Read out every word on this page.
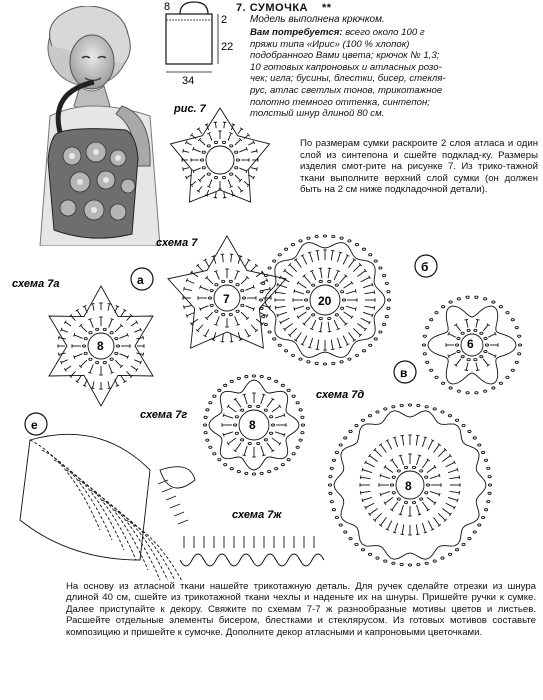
7. СУМОЧКА **
Модель выполнена крючком.
Вам потребуется: всего около 100 г
пряжи типа «Ирис» (100 % хлопок)
подобранного Вами цвета; крючок № 1,3;
10 готовых капроновых и атласных розо-
чек; игла; бусины, блестки, бисер, стекля-
рус, атлас светлых тонов, трикотажное
полотно темного оттенка, синтепон;
толстый шнур длиной 80 см.
По размерам сумки раскроите 2 слоя атласа и один слой из синтепона и сшейте подклад-ку. Размеры изделия смот-рите на рисунке 7. Из трико-тажной ткани выполните верхний слой сумки (он должен быть на 2 см ниже подкладочной детали).
На основу из атласной ткани нашейте трикотажную деталь. Для ручек сделайте отрезки из шнура длиной 40 см, сшейте из трикотажной ткани чехлы и наденьте их на шнуры. Пришейте ручки к сумке. Далее приступайте к декору. Свяжите по схемам 7-7 ж разнообразные мотивы цветов и листьев. Расшейте отдельные элементы бисером, блестками и стеклярусом. Из готовых мотивов составьте композицию и пришейте к сумочке. Дополните декор атласными и капроновыми цветочками.
8
2
22
34
рис. 7
схема 7
схема 7а
схема 7г
схема 7д
схема 7ж
а
б
в
е
7	20
8	6
8
8
